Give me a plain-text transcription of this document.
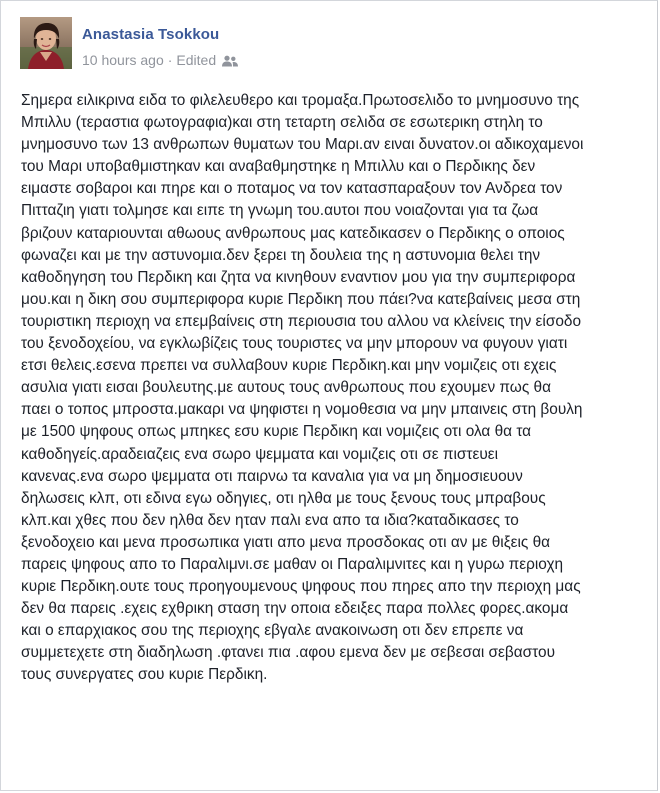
Anastasia Tsokkou
10 hours ago · Edited

Σημερα ειλικρινα ειδα το φιλελευθερο και τρομαξα.Πρωτοσελιδο το μνημοσυνο της
Μπιλλυ (τεραστια φωτογραφια)και στη τεταρτη σελιδα σε εσωτερικη στηλη το
μνημοσυνο των 13 ανθρωπων θυματων του Μαρι.αν ειναι δυνατον.οι αδικοχαμενοι
του Μαρι υποβαθμιστηκαν και αναβαθμηστηκε η Μπιλλυ και ο Περδικης δεν
ειμαστε σοβαροι και πηρε και ο ποταμος να τον κατασπαραξουν τον Ανδρεα τον
Πιτταζιη γιατι τολμησε και ειπε τη γνωμη του.αυτοι που νοιαζονται για τα ζωα
βριζουν καταριουνται αθωους ανθρωπους μας κατεδικασεν ο Περδικης ο οποιος
φωναζει και με την αστυνομια.δεν ξερει τη δουλεια της η αστυνομια θελει την
καθοδηγηση του Περδικη και ζητα να κινηθουν εναντιον μου για την συμπεριφορα
μου.και η δικη σου συμπεριφορα κυριε Περδικη που πάει?να κατεβαίνεις μεσα στη
τουριστικη περιοχη να επεμβαίνεις στη περιουσια του αλλου να κλείνεις την είσοδο
του ξενοδοχείου, να εγκλωβίζεις τους τουριστες να μην μπορουν να φυγουν γιατι
ετσι θελεις.εσενα πρεπει να συλλαβουν κυριε Περδικη.και μην νομιζεις οτι εχεις
ασυλια γιατι εισαι βουλευτης.με αυτους τους ανθρωπους που εχουμεν πως θα
παει ο τοπος μπροστα.μακαρι να ψηφιστει η νομοθεσια να μην μπαινεις στη βουλη
με 1500 ψηφους οπως μπηκες εσυ κυριε Περδικη και νομιζεις οτι ολα θα τα
καθοδηγείς.αραδειαζεις ενα σωρο ψεμματα και νομιζεις οτι σε πιστευει
κανενας.ενα σωρο ψεμματα οτι παιρνω τα καναλια για να μη δημοσιευουν
δηλωσεις κλπ, οτι εδινα εγω οδηγιες, οτι ηλθα με τους ξενους τους μπραβους
κλπ.και χθες που δεν ηλθα δεν ηταν παλι ενα απο τα ιδια?καταδικασες το
ξενοδοχειο και μενα προσωπικα γιατι απο μενα προσδοκας οτι αν με θιξεις θα
παρεις ψηφους απο το Παραλιμνι.σε μαθαν οι Παραλιμνιτες και η γυρω περιοχη
κυριε Περδικη.ουτε τους προηγουμενους ψηφους που πηρες απο την περιοχη μας
δεν θα παρεις .εχεις εχθρικη σταση την οποια εδειξες παρα πολλες φορες.ακομα
και ο επαρχιακος σου της περιοχης εβγαλε ανακοινωση οτι δεν επρεπε να
συμμετεχετε στη διαδηλωση .φτανει πια .αφου εμενα δεν με σεβεσαι σεβαστου
τους συνεργατες σου κυριε Περδικη.
